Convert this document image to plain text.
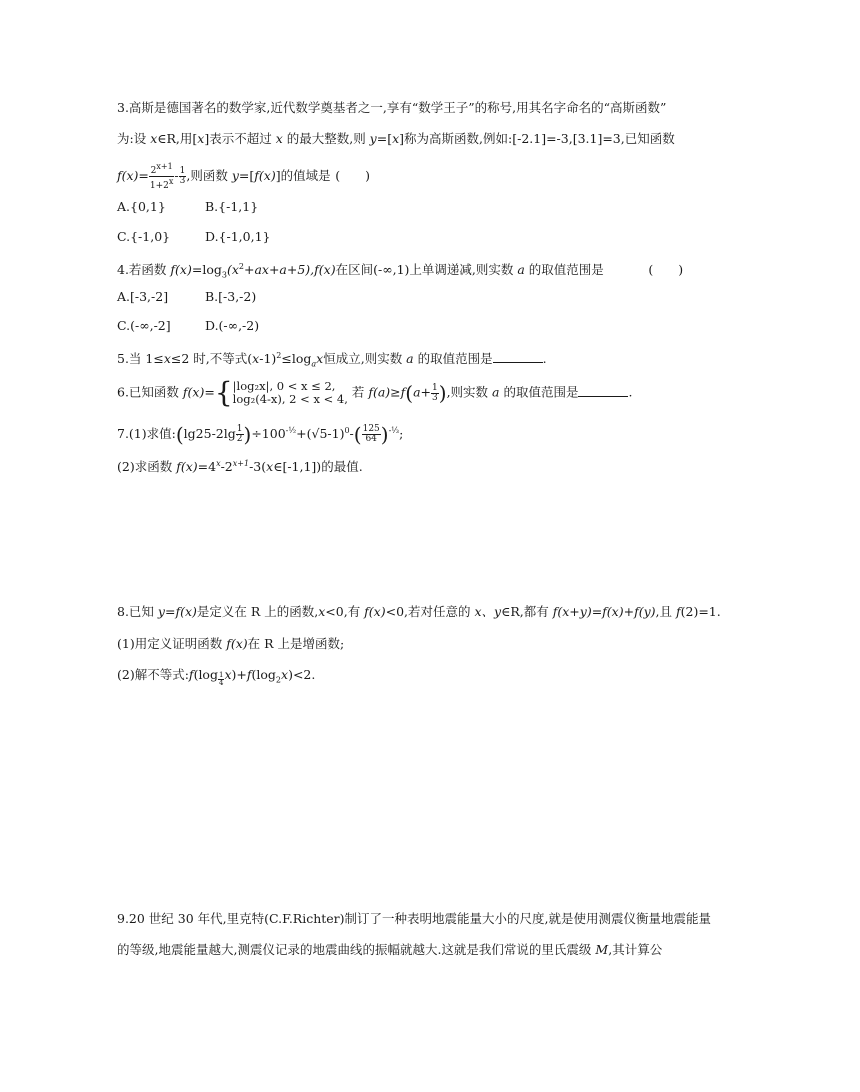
3.高斯是德国著名的数学家,近代数学奠基者之一,享有“数学王子”的称号,用其名字命名的“高斯函数”
为:设 x∈R,用[x]表示不超过 x 的最大整数,则 y=[x]称为高斯函数,例如:[-2.1]=-3,[3.1]=3,已知函数
$f(x)= \frac{2^{x+1}}{1+2^x} - \frac{1}{3}$ ,则函数 y=[f(x)]的值域是 (　　)
A.{0,1}	B.{-1,1}
C.{-1,0}	D.{-1,0,1}
4.若函数 $f(x)=\log_3(x^2+ax+a+5),f(x)$在区间(-∞,1)上单调递减,则实数 a 的取值范围是	(　　)
A.[-3,-2]	B.[-3,-2)
C.(-∞,-2]	D.(-∞,-2)
5.当 1≤x≤2 时,不等式$(x-1)^2\le\log_ax$恒成立,则实数 a 的取值范围是	.
6.已知函数 f(x)={ |log₂x|, 0 < x ≤ 2,
log₂(4-x), 2 < x < 4, 若 $f(a)\ge f(a+ \frac{1}{3}$ ),则实数 a 的取值范围是	.
7.(1)求值:(lg25-2lg $\frac{1}{2} )\div 100^{-\frac{1}{2}}+(√5-1)^0-( \frac{125}{64} )^{-\frac{1}{3}}$;
(2)求函数 $f(x)=4^x-2^{x+1}-3(x\in[-1,1])$的最值.
8.已知 y=f(x)是定义在 R 上的函数,x<0,有 f(x)<0,若对任意的 x、y∈R,都有 f(x+y)=f(x)+f(y),且 f(2)=1.
(1)用定义证明函数 f(x)在 R 上是增函数;
(2)解不等式:f(log $\frac{1}{4} x)+f(\log_2x)<2$.
9.20 世纪 30 年代,里克特(C.F.Richter)制订了一种表明地震能量大小的尺度,就是使用测震仪衡量地震能量
的等级,地震能量越大,测震仪记录的地震曲线的振幅就越大.这就是我们常说的里氏震级 M,其计算公
